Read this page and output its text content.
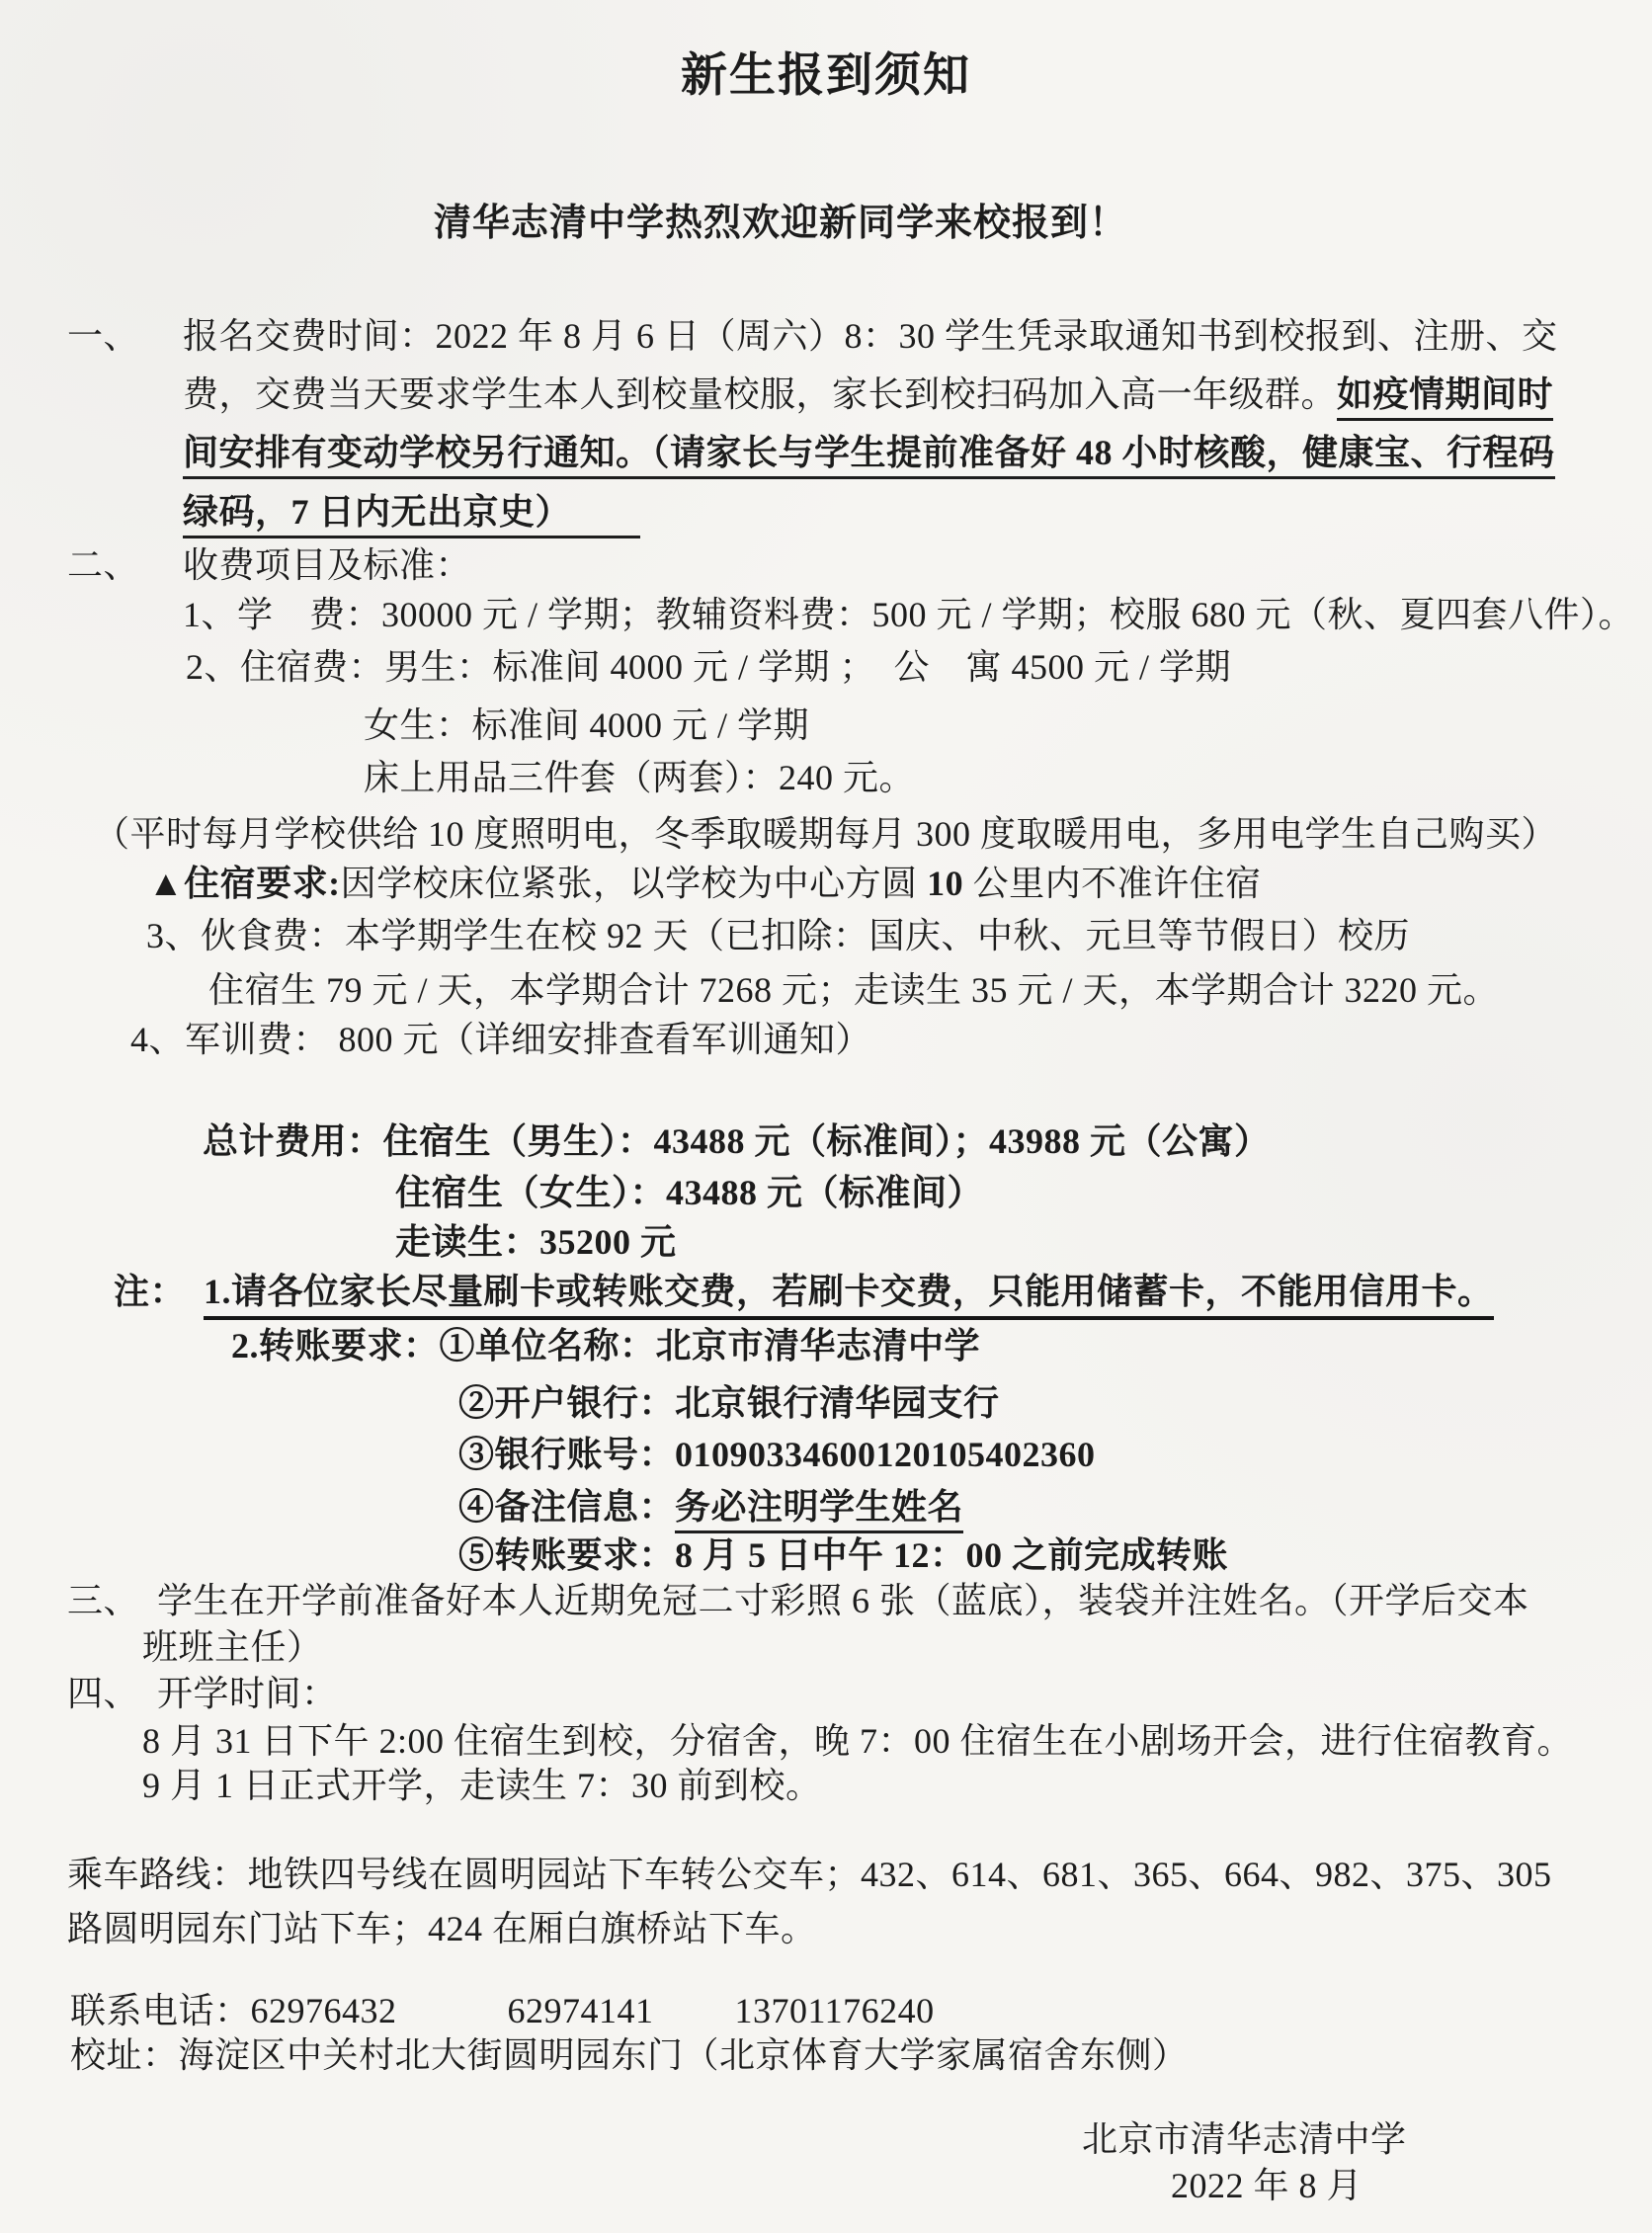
新生报到须知
清华志清中学热烈欢迎新同学来校报到！
一、 报名交费时间：2022 年 8 月 6 日（周六）8：30 学生凭录取通知书到校报到、注册、交
费，交费当天要求学生本人到校量校服，家长到校扫码加入高一年级群。如疫情期间时
间安排有变动学校另行通知。（请家长与学生提前准备好 48 小时核酸，健康宝、行程码
绿码，7 日内无出京史）
二、 收费项目及标准：
1、学　费：30000 元 / 学期；教辅资料费：500 元 / 学期；校服 680 元（秋、夏四套八件）。
2、住宿费：男生：标准间 4000 元 / 学期 ；　公　寓 4500 元 / 学期
女生：标准间 4000 元 / 学期
床上用品三件套（两套）：240 元。
（平时每月学校供给 10 度照明电，冬季取暖期每月 300 度取暖用电，多用电学生自己购买）
▲住宿要求:因学校床位紧张，以学校为中心方圆 10 公里内不准许住宿
3、伙食费：本学期学生在校 92 天（已扣除：国庆、中秋、元旦等节假日）校历
住宿生 79 元 / 天，本学期合计 7268 元；走读生 35 元 / 天，本学期合计 3220 元。
4、军训费： 800 元（详细安排查看军训通知）
总计费用：住宿生（男生）：43488 元（标准间）；43988 元（公寓）
住宿生（女生）：43488 元（标准间）
走读生：35200 元
注： 1.请各位家长尽量刷卡或转账交费，若刷卡交费，只能用储蓄卡，不能用信用卡。
2.转账要求：①单位名称：北京市清华志清中学
②开户银行：北京银行清华园支行
③银行账号：01090334600120105402360
④备注信息：务必注明学生姓名
⑤转账要求：8 月 5 日中午 12：00 之前完成转账
三、 学生在开学前准备好本人近期免冠二寸彩照 6 张（蓝底），装袋并注姓名。（开学后交本
班班主任）
四、 开学时间：
8 月 31 日下午 2:00 住宿生到校，分宿舍，晚 7：00 住宿生在小剧场开会，进行住宿教育。
9 月 1 日正式开学，走读生 7：30 前到校。
乘车路线：地铁四号线在圆明园站下车转公交车；432、614、681、365、664、982、375、305
路圆明园东门站下车；424 在厢白旗桥站下车。
联系电话：62976432	62974141 13701176240
校址：海淀区中关村北大街圆明园东门（北京体育大学家属宿舍东侧）
北京市清华志清中学
2022 年 8 月
